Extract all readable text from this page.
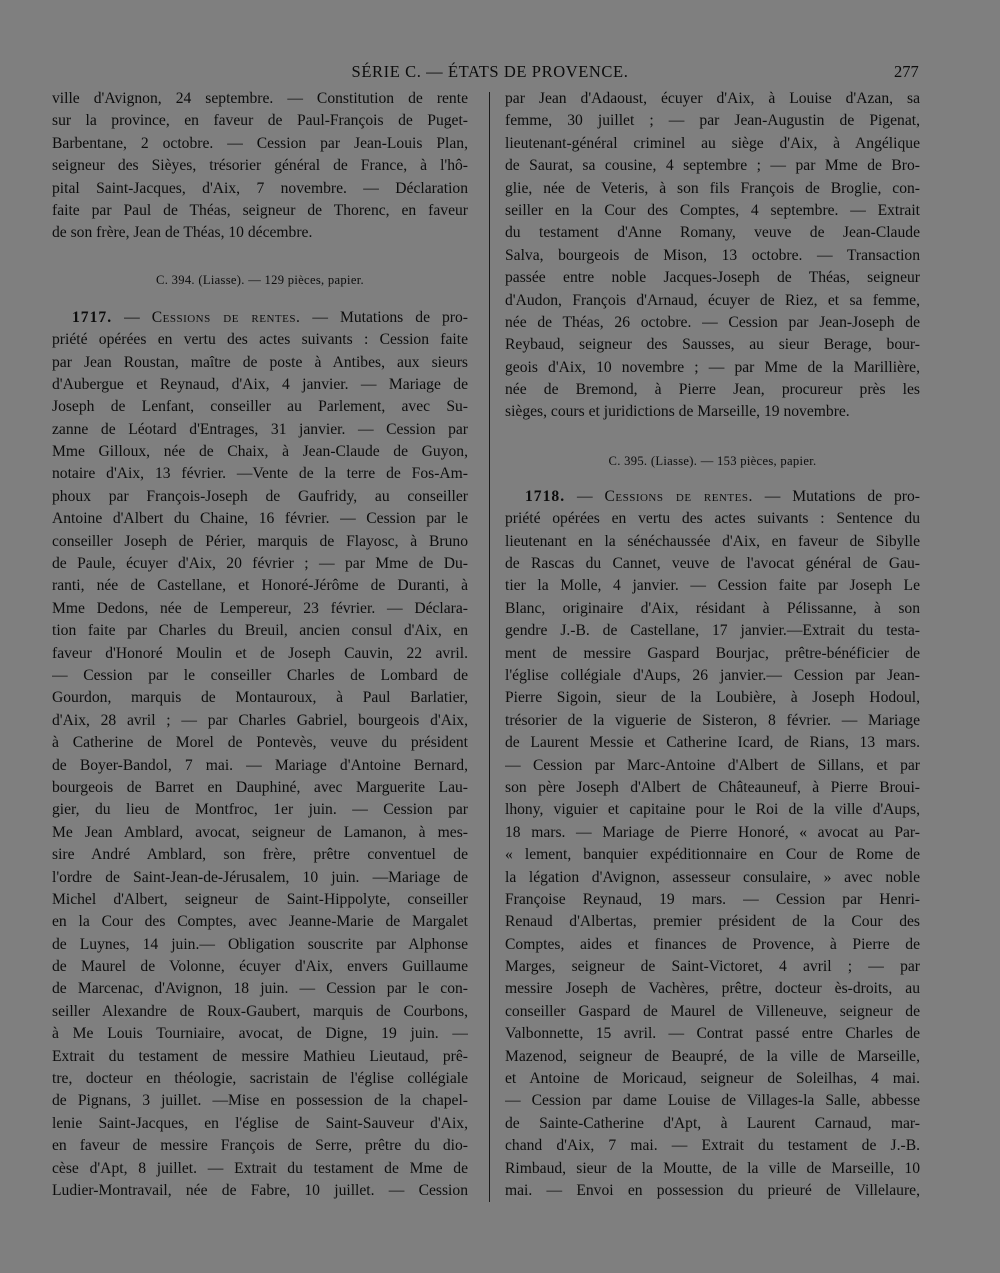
SÉRIE C. — ÉTATS DE PROVENCE.	277
ville d'Avignon, 24 septembre. — Constitution de rente
sur la province, en faveur de Paul-François de Puget-
Barbentane, 2 octobre. — Cession par Jean-Louis Plan,
seigneur des Sièyes, trésorier général de France, à l'hô-
pital Saint-Jacques, d'Aix, 7 novembre. — Déclaration
faite par Paul de Théas, seigneur de Thorenc, en faveur
de son frère, Jean de Théas, 10 décembre.
C. 394. (Liasse). — 129 pièces, papier.
1717. — Cessions de rentes. — Mutations de pro-
priété opérées en vertu des actes suivants : Cession faite
par Jean Roustan, maître de poste à Antibes, aux sieurs
d'Aubergue et Reynaud, d'Aix, 4 janvier. — Mariage de
Joseph de Lenfant, conseiller au Parlement, avec Su-
zanne de Léotard d'Entrages, 31 janvier. — Cession par
Mme Gilloux, née de Chaix, à Jean-Claude de Guyon,
notaire d'Aix, 13 février. —Vente de la terre de Fos-Am-
phoux par François-Joseph de Gaufridy, au conseiller
Antoine d'Albert du Chaine, 16 février. — Cession par le
conseiller Joseph de Périer, marquis de Flayosc, à Bruno
de Paule, écuyer d'Aix, 20 février ; — par Mme de Du-
ranti, née de Castellane, et Honoré-Jérôme de Duranti, à
Mme Dedons, née de Lempereur, 23 février. — Déclara-
tion faite par Charles du Breuil, ancien consul d'Aix, en
faveur d'Honoré Moulin et de Joseph Cauvin, 22 avril.
— Cession par le conseiller Charles de Lombard de
Gourdon, marquis de Montauroux, à Paul Barlatier,
d'Aix, 28 avril ; — par Charles Gabriel, bourgeois d'Aix,
à Catherine de Morel de Pontevès, veuve du président
de Boyer-Bandol, 7 mai. — Mariage d'Antoine Bernard,
bourgeois de Barret en Dauphiné, avec Marguerite Lau-
gier, du lieu de Montfroc, 1er juin. — Cession par
Me Jean Amblard, avocat, seigneur de Lamanon, à mes-
sire André Amblard, son frère, prêtre conventuel de
l'ordre de Saint-Jean-de-Jérusalem, 10 juin. —Mariage de
Michel d'Albert, seigneur de Saint-Hippolyte, conseiller
en la Cour des Comptes, avec Jeanne-Marie de Margalet
de Luynes, 14 juin.— Obligation souscrite par Alphonse
de Maurel de Volonne, écuyer d'Aix, envers Guillaume
de Marcenac, d'Avignon, 18 juin. — Cession par le con-
seiller Alexandre de Roux-Gaubert, marquis de Courbons,
à Me Louis Tourniaire, avocat, de Digne, 19 juin. —
Extrait du testament de messire Mathieu Lieutaud, prê-
tre, docteur en théologie, sacristain de l'église collégiale
de Pignans, 3 juillet. —Mise en possession de la chapel-
lenie Saint-Jacques, en l'église de Saint-Sauveur d'Aix,
en faveur de messire François de Serre, prêtre du dio-
cèse d'Apt, 8 juillet. — Extrait du testament de Mme de
Ludier-Montravail, née de Fabre, 10 juillet. — Cession
par Jean d'Adaoust, écuyer d'Aix, à Louise d'Azan, sa
femme, 30 juillet ; — par Jean-Augustin de Pigenat,
lieutenant-général criminel au siège d'Aix, à Angélique
de Saurat, sa cousine, 4 septembre ; — par Mme de Bro-
glie, née de Veteris, à son fils François de Broglie, con-
seiller en la Cour des Comptes, 4 septembre. — Extrait
du testament d'Anne Romany, veuve de Jean-Claude
Salva, bourgeois de Mison, 13 octobre. — Transaction
passée entre noble Jacques-Joseph de Théas, seigneur
d'Audon, François d'Arnaud, écuyer de Riez, et sa femme,
née de Théas, 26 octobre. — Cession par Jean-Joseph de
Reybaud, seigneur des Sausses, au sieur Berage, bour-
geois d'Aix, 10 novembre ; — par Mme de la Marillière,
née de Bremond, à Pierre Jean, procureur près les
sièges, cours et juridictions de Marseille, 19 novembre.
C. 395. (Liasse). — 153 pièces, papier.
1718. — Cessions de rentes. — Mutations de pro-
priété opérées en vertu des actes suivants : Sentence du
lieutenant en la sénéchaussée d'Aix, en faveur de Sibylle
de Rascas du Cannet, veuve de l'avocat général de Gau-
tier la Molle, 4 janvier. — Cession faite par Joseph Le
Blanc, originaire d'Aix, résidant à Pélissanne, à son
gendre J.-B. de Castellane, 17 janvier.—Extrait du testa-
ment de messire Gaspard Bourjac, prêtre-bénéficier de
l'église collégiale d'Aups, 26 janvier.— Cession par Jean-
Pierre Sigoin, sieur de la Loubière, à Joseph Hodoul,
trésorier de la viguerie de Sisteron, 8 février. — Mariage
de Laurent Messie et Catherine Icard, de Rians, 13 mars.
— Cession par Marc-Antoine d'Albert de Sillans, et par
son père Joseph d'Albert de Châteauneuf, à Pierre Broui-
lhony, viguier et capitaine pour le Roi de la ville d'Aups,
18 mars. — Mariage de Pierre Honoré, « avocat au Par-
« lement, banquier expéditionnaire en Cour de Rome de
la légation d'Avignon, assesseur consulaire, » avec noble
Françoise Reynaud, 19 mars. — Cession par Henri-
Renaud d'Albertas, premier président de la Cour des
Comptes, aides et finances de Provence, à Pierre de
Marges, seigneur de Saint-Victoret, 4 avril ; — par
messire Joseph de Vachères, prêtre, docteur ès-droits, au
conseiller Gaspard de Maurel de Villeneuve, seigneur de
Valbonnette, 15 avril. — Contrat passé entre Charles de
Mazenod, seigneur de Beaupré, de la ville de Marseille,
et Antoine de Moricaud, seigneur de Soleilhas, 4 mai.
— Cession par dame Louise de Villages-la Salle, abbesse
de Sainte-Catherine d'Apt, à Laurent Carnaud, mar-
chand d'Aix, 7 mai. — Extrait du testament de J.-B.
Rimbaud, sieur de la Moutte, de la ville de Marseille, 10
mai. — Envoi en possession du prieuré de Villelaure,
